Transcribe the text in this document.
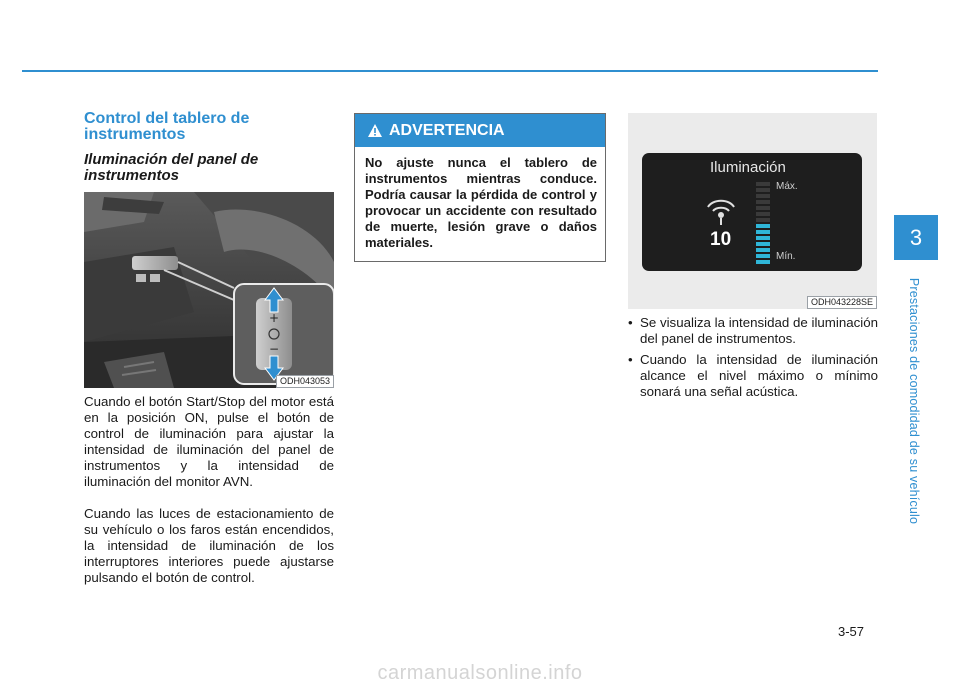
Control del tablero de instrumentos
Iluminación del panel de instrumentos
+
−
ODH043053

Cuando el botón Start/Stop del motor está en la posición ON, pulse el botón de control de iluminación para ajustar la intensidad de iluminación del panel de instrumentos y la intensidad de iluminación del monitor AVN.

Cuando las luces de estacionamiento de su vehículo o los faros están encendidos, la intensidad de iluminación de los interruptores interiores puede ajustarse pulsando el botón de control.

ADVERTENCIA

No ajuste nunca el tablero de instrumentos mientras conduce. Podría causar la pérdida de control y provocar un accidente con resultado de muerte, lesión grave o daños materiales.

Iluminación
10
Máx.
Mín.
ODH043228SE
• Se visualiza la intensidad de iluminación del panel de instrumentos.
• Cuando la intensidad de iluminación alcance el nivel máximo o mínimo sonará una señal acústica.
3
Prestaciones de comodidad de su vehículo
3-57
carmanualsonline.info
